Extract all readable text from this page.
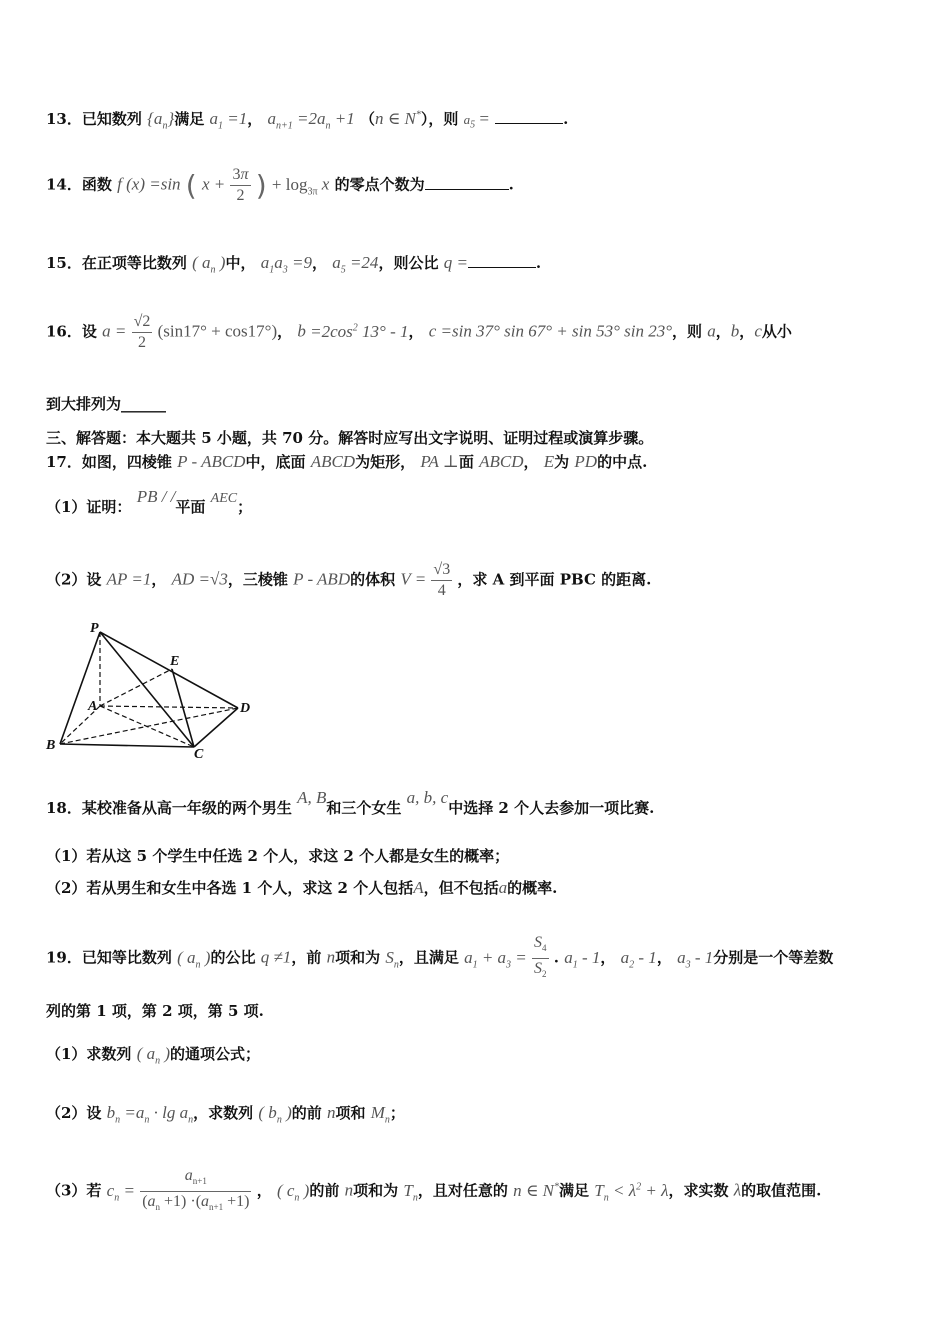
13．已知数列 $\{a_n\}$满足 $a_1 =1$， $a_{n+1} =2a_n +1$ （n ∈ N*），则 $a_5$ =	.
14．函数 f (x) =sin ( $x + \frac{3\pi}{2}$ ) + $\log_{3\pi} x$ 的零点个数为	.
15．在正项等比数列 ( $a_n$ )中， $a_1a_3 =9$， $a_5 =24$，则公比 q =	.
16．设 $a = \frac{√2}{2} (\sin 17^\circ + \cos 17^\circ)$， $b =2\cos^2$ 13° - 1， c =sin 37° sin 67° + sin 53° sin 23°，则 a，b，c从小
到大排列为______
三、解答题：本大题共 5 小题，共 70 分。解答时应写出文字说明、证明过程或演算步骤。
17．如图，四棱锥 P - ABCD中，底面 ABCD为矩形， PA ⊥面 ABCD， E为 PD的中点.
（1）证明： PB / /平面 AEC；
（2）设 AP =1， AD =√3，三棱锥 P - ABD的体积 $V = \frac{√3}{4}$ ，求 A 到平面 PBC 的距离.
P
E
A	D
B
C
18．某校准备从高一年级的两个男生 A, B和三个女生 a, b, c中选择 2 个人去参加一项比赛.
（1）若从这 5 个学生中任选 2 个人，求这 2 个人都是女生的概率；
（2）若从男生和女生中各选 1 个人，求这 2 个人包括A，但不包括a的概率.
19．已知等比数列 ( $a_n$ )的公比 q ≠1，前 n项和为 $S_n$，且满足 $a_1 + a_3 = \frac{S_4}{S_2}$ . $a_1 - 1$， $a_2 - 1$， $a_3 - 1$分别是一个等差数
列的第 1 项，第 2 项，第 5 项.
（1）求数列 ( $a_n$ )的通项公式；
（2）设 $b_n =a_n \cdot \lg a_n$，求数列 ( $b_n$ )的前 n项和 $M_n$；
（3）若 $c_n = \frac{a_{n+1}}{(a_n +1) \cdot(a_{n+1} +1)}$ ， ( $c_n$ )的前 n项和为 $T_n$，且对任意的 n ∈ N*满足 $T_n < \lambda^2 + \lambda$，求实数 λ的取值范围.
